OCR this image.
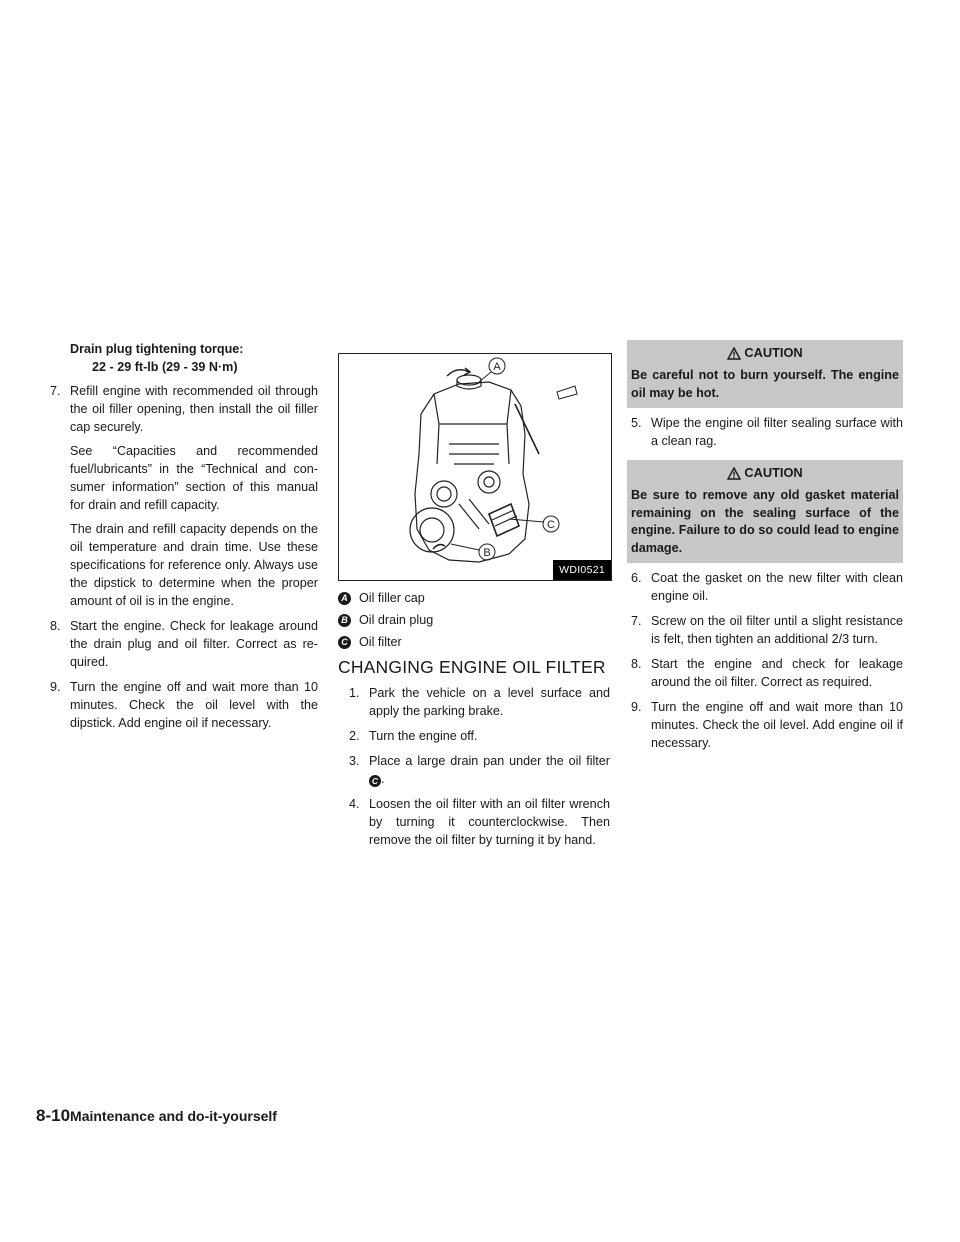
Drain plug tightening torque:
22 - 29 ft-lb (29 - 39 N·m)
7. Refill engine with recommended oil through the oil filler opening, then install the oil filler cap securely.

See “Capacities and recommended fuel/lubricants” in the “Technical and con-sumer information” section of this manual for drain and refill capacity.

The drain and refill capacity depends on the oil temperature and drain time. Use these specifications for reference only. Always use the dipstick to determine when the proper amount of oil is in the engine.

8. Start the engine. Check for leakage around the drain plug and oil filter. Correct as re-quired.

9. Turn the engine off and wait more than 10 minutes. Check the oil level with the dipstick. Add engine oil if necessary.

A
C
B
WDI0521
A Oil filler cap
B Oil drain plug
C Oil filter
CHANGING ENGINE OIL FILTER
1. Park the vehicle on a level surface and apply the parking brake.

2. Turn the engine off.

3. Place a large drain pan under the oil filterC .

4. Loosen the oil filter with an oil filter wrench by turning it counterclockwise. Then remove the oil filter by turning it by hand.

CAUTION
Be careful not to burn yourself. The engine oil may be hot.
5. Wipe the engine oil filter sealing surface with a clean rag.

CAUTION
Be sure to remove any old gasket material remaining on the sealing surface of the engine. Failure to do so could lead to engine damage.
6. Coat the gasket on the new filter with clean engine oil.

7. Screw on the oil filter until a slight resistance is felt, then tighten an additional 2/3 turn.

8. Start the engine and check for leakage around the oil filter. Correct as required.

9. Turn the engine off and wait more than 10 minutes. Check the oil level. Add engine oil if necessary.

8-10Maintenance and do-it-yourself
